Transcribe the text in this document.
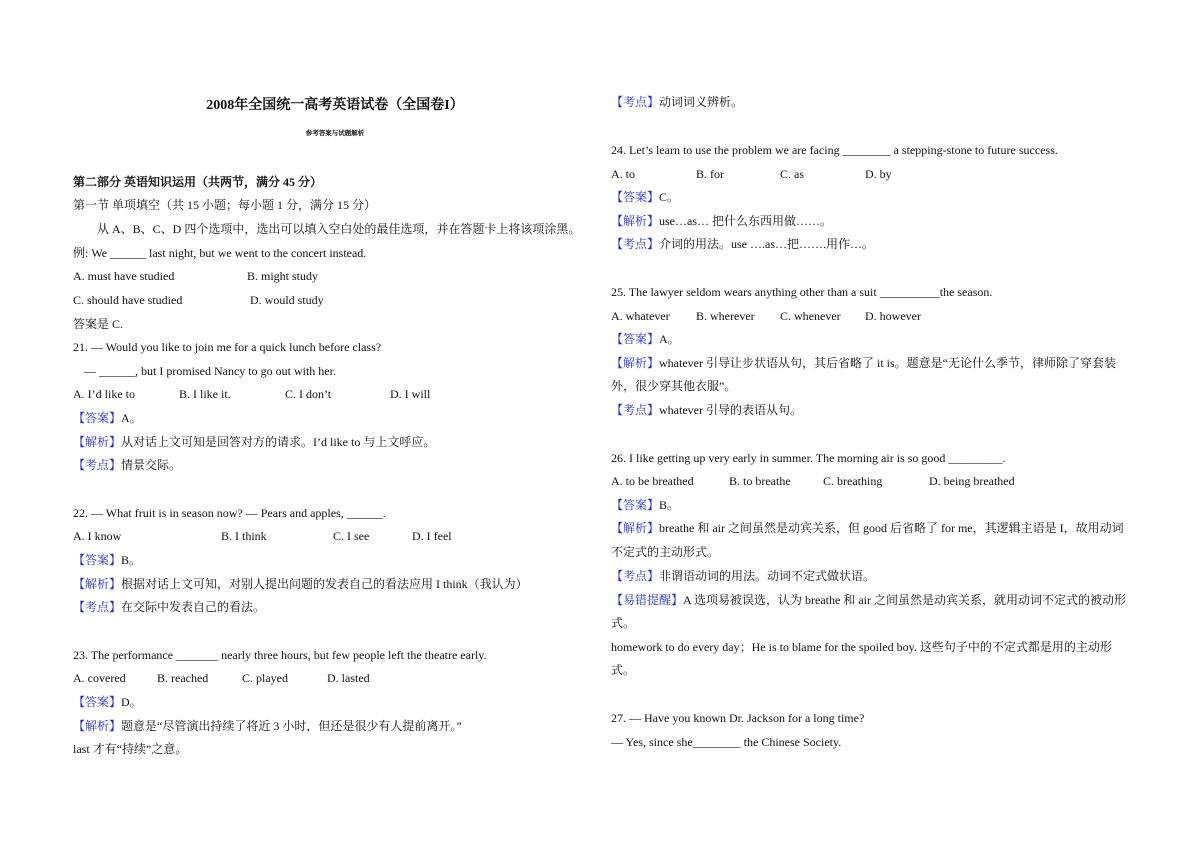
2008年全国统一高考英语试卷（全国卷I）
参考答案与试题解析
第二部分 英语知识运用（共两节，满分 45 分）
第一节 单项填空（共 15 小题；每小题 1 分，满分 15 分）
从 A、B、C、D 四个选项中，选出可以填入空白处的最佳选项，并在答题卡上将该项涂黑。
例: We ______ last night, but we went to the concert instead.
A. must have studied	B. might study
C. should have studied	D. would study
答案是 C.
21. — Would you like to join me for a quick lunch before class?
— ______, but I promised Nancy to go out with her.
A. I’d like to	B. I like it.	C. I don’t	D. I will
【答案】A。
【解析】从对话上文可知是回答对方的请求。I’d like to 与上文呼应。
【考点】情景交际。
22. — What fruit is in season now? — Pears and apples, ______.
A. I know	B. I think	C. I see	D. I feel
【答案】B。
【解析】根据对话上文可知，对别人提出问题的发表自己的看法应用 I think（我认为）
【考点】在交际中发表自己的看法。
23. The performance _______ nearly three hours, but few people left the theatre early.
A. covered	B. reached	C. played	D. lasted
【答案】D。
【解析】题意是“尽管演出持续了将近 3 小时，但还是很少有人提前离开。”
last 才有“持续”之意。
【考点】动词词义辨析。
24. Let’s learn to use the problem we are facing ________ a stepping-stone to future success.
A. to	B. for	C. as	D. by
【答案】C。
【解析】use…as… 把什么东西用做……。
【考点】介词的用法。use ….as…把…….用作…。
25. The lawyer seldom wears anything other than a suit __________the season.
A. whatever B. wherever C. whenever D. however
【答案】A。
【解析】whatever 引导让步状语从句，其后省略了 it is。题意是“无论什么季节，律师除了穿套装
外，很少穿其他衣服”。
【考点】whatever 引导的表语从句。
26. I like getting up very early in summer. The morning air is so good _________.
A. to be breathed	B. to breathe	C. breathing	D. being breathed
【答案】B。
【解析】breathe 和 air 之间虽然是动宾关系，但 good 后省略了 for me，其逻辑主语是 I，故用动词
不定式的主动形式。
【考点】非谓语动词的用法。动词不定式做状语。
【易错提醒】A 选项易被误选，认为 breathe 和 air 之间虽然是动宾关系，就用动词不定式的被动形
式。
homework to do every day；He is to blame for the spoiled boy. 这些句子中的不定式都是用的主动形
式。
27. — Have you known Dr. Jackson for a long time?
— Yes, since she________ the Chinese Society.
